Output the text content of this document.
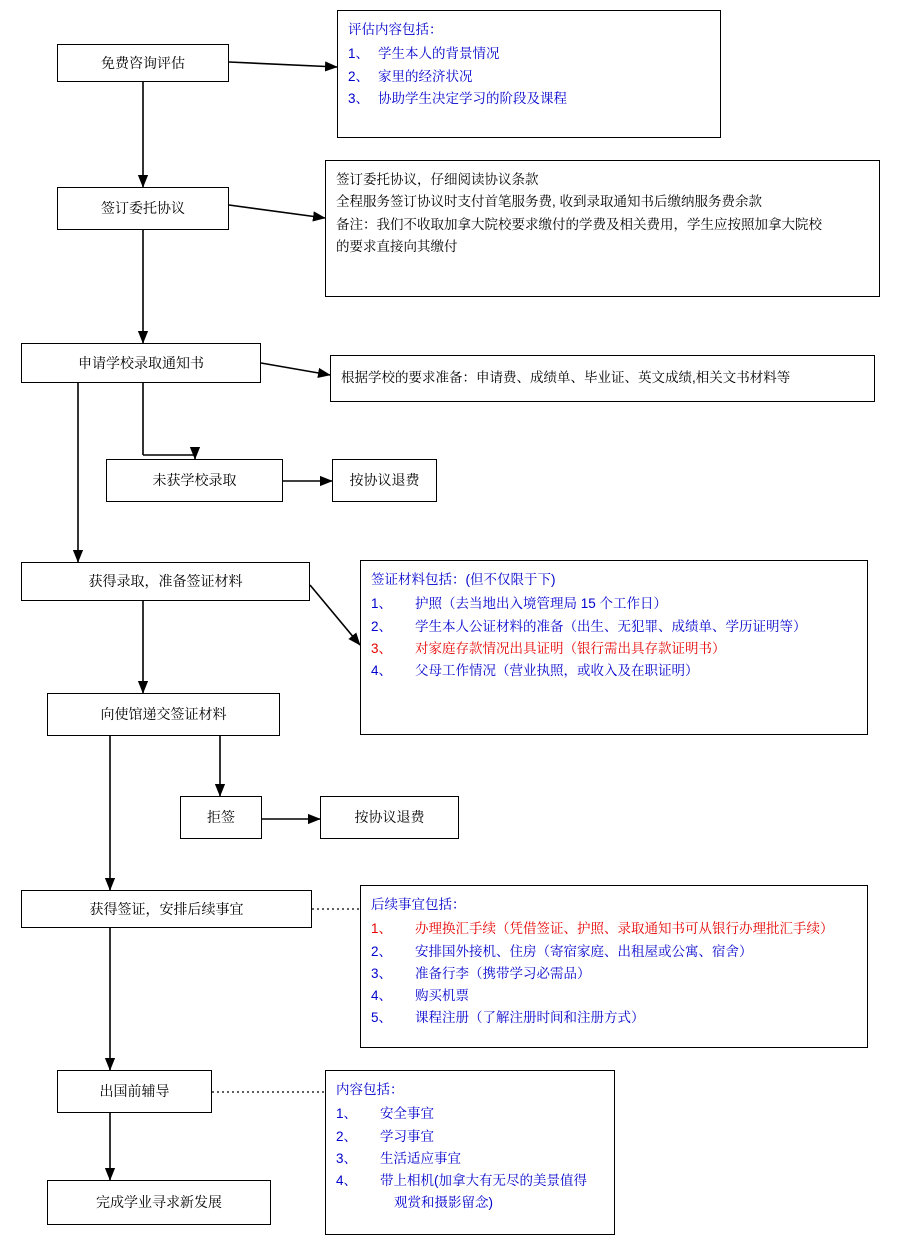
免费咨询评估
签订委托协议
申请学校录取通知书
未获学校录取	按协议退费
获得录取，准备签证材料
向使馆递交签证材料
拒签	按协议退费
获得签证，安排后续事宜
出国前辅导
完成学业寻求新发展
评估内容包括：
1、 学生本人的背景情况
2、 家里的经济状况
3、 协助学生决定学习的阶段及课程
签订委托协议，仔细阅读协议条款
全程服务签订协议时支付首笔服务费, 收到录取通知书后缴纳服务费余款
备注：我们不收取加拿大院校要求缴付的学费及相关费用，学生应按照加拿大院校
的要求直接向其缴付
根据学校的要求准备：申请费、成绩单、毕业证、英文成绩,相关文书材料等
签证材料包括：(但不仅限于下)
1、 护照（去当地出入境管理局 15 个工作日）
2、 学生本人公证材料的准备（出生、无犯罪、成绩单、学历证明等）
3、 对家庭存款情况出具证明（银行需出具存款证明书）
4、 父母工作情况（营业执照，或收入及在职证明）
后续事宜包括：
1、 办理换汇手续（凭借签证、护照、录取通知书可从银行办理批汇手续）
2、 安排国外接机、住房（寄宿家庭、出租屋或公寓、宿舍）
3、 准备行李（携带学习必需品）
4、 购买机票
5、 课程注册（了解注册时间和注册方式）
内容包括：
1、 安全事宜
2、 学习事宜
3、 生活适应事宜
4、 带上相机(加拿大有无尽的美景值得
观赏和摄影留念)
